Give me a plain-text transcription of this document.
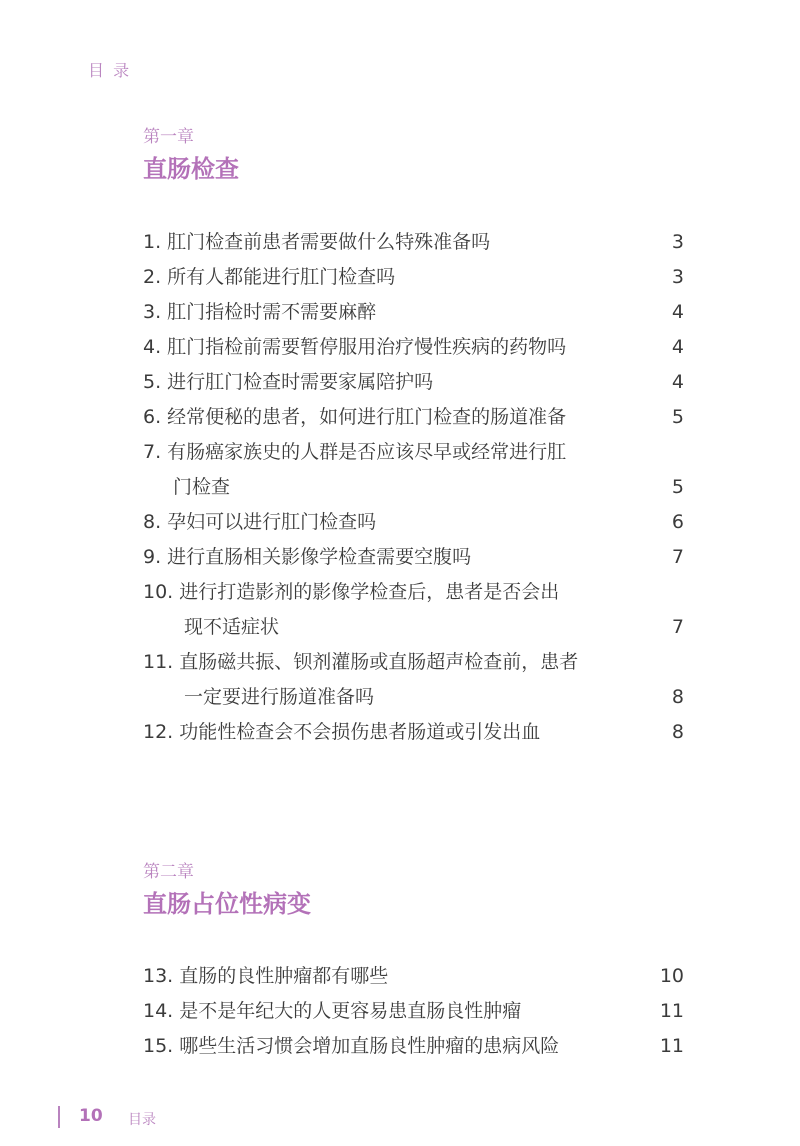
目 录
第一章
直肠检查
1. 肛门检查前患者需要做什么特殊准备吗	3
2. 所有人都能进行肛门检查吗	3
3. 肛门指检时需不需要麻醉	4
4. 肛门指检前需要暂停服用治疗慢性疾病的药物吗	4
5. 进行肛门检查时需要家属陪护吗	4
6. 经常便秘的患者，如何进行肛门检查的肠道准备	5
7. 有肠癌家族史的人群是否应该尽早或经常进行肛
门检查	5
8. 孕妇可以进行肛门检查吗	6
9. 进行直肠相关影像学检查需要空腹吗	7
10. 进行打造影剂的影像学检查后，患者是否会出
现不适症状	7
11. 直肠磁共振、钡剂灌肠或直肠超声检查前，患者
一定要进行肠道准备吗	8
12. 功能性检查会不会损伤患者肠道或引发出血	8
第二章
直肠占位性病变
13. 直肠的良性肿瘤都有哪些	10
14. 是不是年纪大的人更容易患直肠良性肿瘤	11
15. 哪些生活习惯会增加直肠良性肿瘤的患病风险	11
10 目录
